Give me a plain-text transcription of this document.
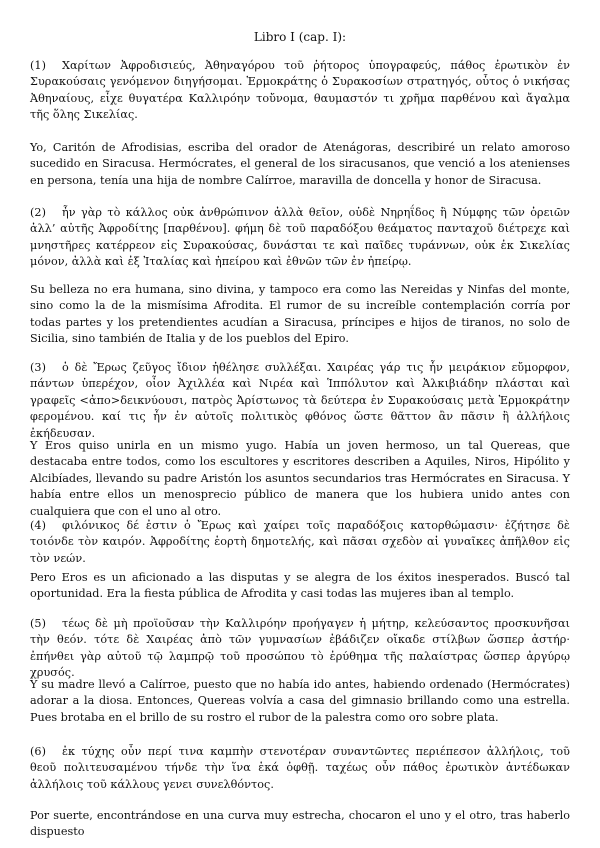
Libro I (cap. I):

(1) Χαρίτων Ἀφροδισιεύς, Ἀθηναγόρου τοῦ ῥήτορος ὑπογραφεύς, πάθος ἐρωτικὸν ἐν Συρακούσαις γενόμενον διηγήσομαι. Ἑρμοκράτης ὁ Συρακοσίων στρατηγός, οὗτος ὁ νικήσας Ἀθηναίους, εἶχε θυγατέρα Καλλιρόην τοὔνομα, θαυμαστόν τι χρῆμα παρθένου καὶ ἄγαλμα τῆς ὅλης Σικελίας.

Yo, Caritón de Afrodisias, escriba del orador de Atenágoras, describiré un relato amoroso sucedido en Siracusa. Hermócrates, el general de los siracusanos, que venció a los atenienses en persona, tenía una hija de nombre Calírroe, maravilla de doncella y honor de Siracusa.

(2) ἦν γὰρ τὸ κάλλος οὐκ ἀνθρώπινον ἀλλὰ θεῖον, οὐδὲ Νηρηΐδος ἢ Νύμφης τῶν ὀρειῶν ἀλλ’ αὐτῆς Ἀφροδίτης [παρθένου]. φήμη δὲ τοῦ παραδόξου θεάματος πανταχοῦ διέτρεχε καὶ μνηστῆρες κατέρρεον εἰς Συρακούσας, δυνάσται τε καὶ παῖδες τυράννων, οὐκ ἐκ Σικελίας μόνον, ἀλλὰ καὶ ἐξ Ἰταλίας καὶ ἠπείρου καὶ ἐθνῶν τῶν ἐν ἠπείρῳ.

Su belleza no era humana, sino divina, y tampoco era como las Nereidas y Ninfas del monte, sino como la de la mismísima Afrodita. El rumor de su increíble contemplación corría por todas partes y los pretendientes acudían a Siracusa, príncipes e hijos de tiranos, no solo de Sicilia, sino también de Italia y de los pueblos del Epiro.

(3) ὁ δὲ Ἔρως ζεῦγος ἴδιον ἠθέλησε συλλέξαι. Χαιρέας γάρ τις ἦν μειράκιον εὔμορφον, πάντων ὑπερέχον, οἷον Ἀχιλλέα καὶ Νιρέα καὶ Ἱππόλυτον καὶ Ἀλκιβιάδην πλάσται καὶ γραφεῖς <ἀπο>δεικνύουσι, πατρὸς Ἀρίστωνος τὰ δεύτερα ἐν Συρακούσαις μετὰ Ἑρμοκράτην φερομένου. καί τις ἦν ἐν αὐτοῖς πολιτικὸς φθόνος ὥστε θᾶττον ἂν πᾶσιν ἢ ἀλλήλοις ἐκήδευσαν.

Y Eros quiso unirla en un mismo yugo. Había un joven hermoso, un tal Quereas, que destacaba entre todos, como los escultores y escritores describen a Aquiles, Niros, Hipólito y Alcibíades, llevando su padre Aristón los asuntos secundarios tras Hermócrates en Siracusa. Y había entre ellos un menosprecio público de manera que los hubiera unido antes con cualquiera que con el uno al otro.

(4) φιλόνικος δέ ἐστιν ὁ Ἔρως καὶ χαίρει τοῖς παραδόξοις κατορθώμασιν· ἐζήτησε δὲ τοιόνδε τὸν καιρόν. Ἀφροδίτης ἑορτὴ δημοτελής, καὶ πᾶσαι σχεδὸν αἱ γυναῖκες ἀπῆλθον εἰς τὸν νεών.

Pero Eros es un aficionado a las disputas y se alegra de los éxitos inesperados. Buscó tal oportunidad. Era la fiesta pública de Afrodita y casi todas las mujeres iban al templo.

(5) τέως δὲ μὴ προϊοῦσαν τὴν Καλλιρόην προήγαγεν ἡ μήτηρ, κελεύσαντος προσκυνῆσαι τὴν θεόν. τότε δὲ Χαιρέας ἀπὸ τῶν γυμνασίων ἐβάδιζεν οἴκαδε στίλβων ὥσπερ ἀστήρ· ἐπήνθει γὰρ αὐτοῦ τῷ λαμπρῷ τοῦ προσώπου τὸ ἐρύθημα τῆς παλαίστρας ὥσπερ ἀργύρῳ χρυσός.

Y su madre llevó a Calírroe, puesto que no había ido antes, habiendo ordenado (Hermócrates) adorar a la diosa. Entonces, Quereas volvía a casa del gimnasio brillando como una estrella. Pues brotaba en el brillo de su rostro el rubor de la palestra como oro sobre plata.

(6) ἐκ τύχης οὖν περί τινα καμπὴν στενοτέραν συναντῶντες περιέπεσον ἀλλήλοις, τοῦ θεοῦ πολιτευσαμένου τήνδε τὴν ἵνα ἑκά ὀφθῇ. ταχέως οὖν πάθος ἐρωτικὸν ἀντέδωκαν ἀλλήλοις τοῦ κάλλους γενει συνελθόντος.

Por suerte, encontrándose en una curva muy estrecha, chocaron el uno y el otro, tras haberlo dispuesto
